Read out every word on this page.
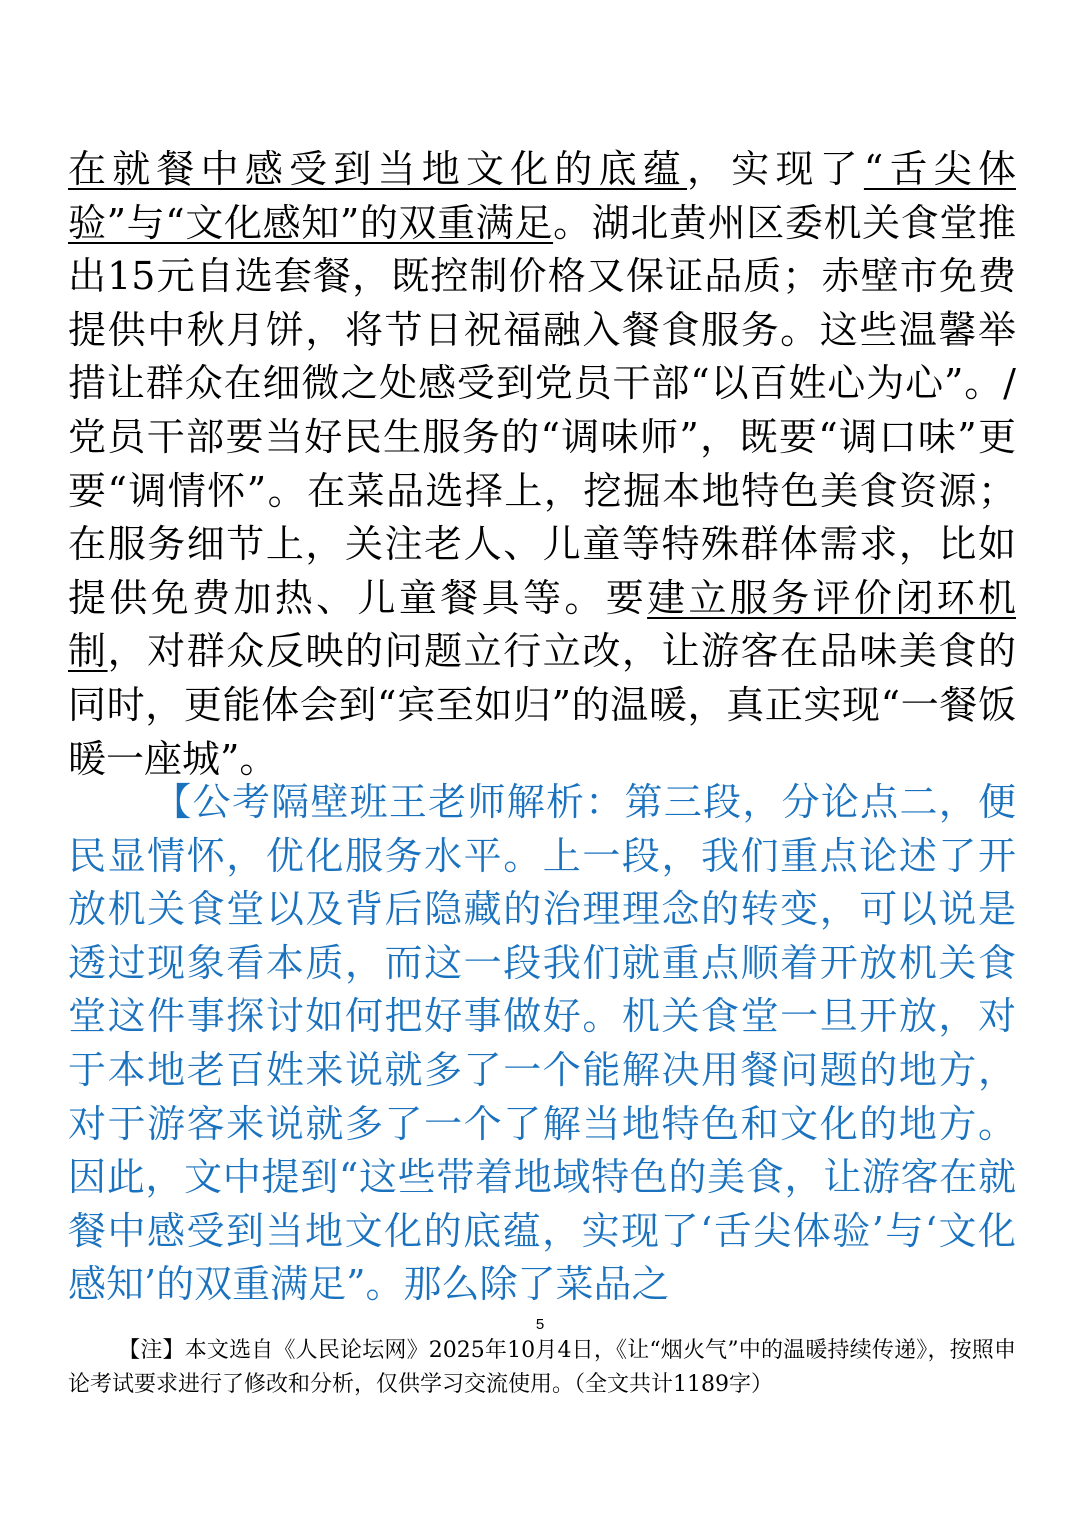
在就餐中感受到当地文化的底蕴，实现了“舌尖体验”与“文化感知”的双重满足。湖北黄州区委机关食堂推出15元自选套餐，既控制价格又保证品质；赤壁市免费提供中秋月饼，将节日祝福融入餐食服务。这些温馨举措让群众在细微之处感受到党员干部“以百姓心为心”。/党员干部要当好民生服务的“调味师”，既要“调口味”更要“调情怀”。在菜品选择上，挖掘本地特色美食资源；在服务细节上，关注老人、儿童等特殊群体需求，比如提供免费加热、儿童餐具等。要建立服务评价闭环机制，对群众反映的问题立行立改，让游客在品味美食的同时，更能体会到“宾至如归”的温暖，真正实现“一餐饭暖一座城”。

【公考隔壁班王老师解析：第三段，分论点二，便民显情怀，优化服务水平。上一段，我们重点论述了开放机关食堂以及背后隐藏的治理理念的转变，可以说是透过现象看本质，而这一段我们就重点顺着开放机关食堂这件事探讨如何把好事做好。机关食堂一旦开放，对于本地老百姓来说就多了一个能解决用餐问题的地方，对于游客来说就多了一个了解当地特色和文化的地方。因此，文中提到“这些带着地域特色的美食，让游客在就餐中感受到当地文化的底蕴，实现了‘舌尖体验’与‘文化感知’的双重满足”。那么除了菜品之

5

【注】本文选自《人民论坛网》2025年10月4日，《让“烟火气”中的温暖持续传递》，按照申论考试要求进行了修改和分析，仅供学习交流使用。（全文共计1189字）
